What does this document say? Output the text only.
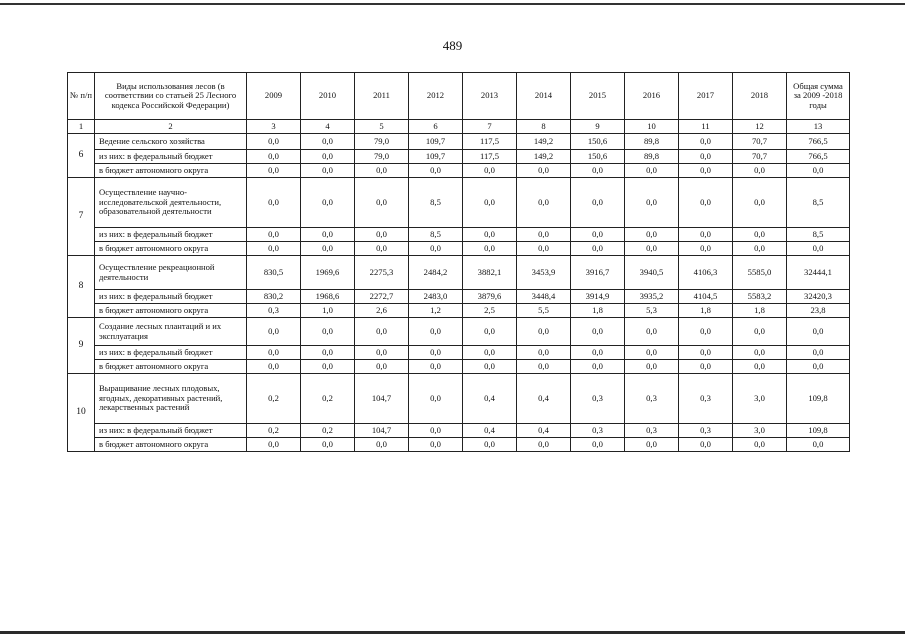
489
№ п/п	Виды использования лесов (в соответствии со статьей 25 Лесного кодекса Российской Федерации)	2009	2010	2011	2012	2013	2014	2015	2016	2017	2018	Общая сумма за 2009 -2018 годы
1	2	3	4	5	6	7	8	9	10	11	12	13
6	Ведение сельского хозяйства	0,0	0,0	79,0	109,7	117,5	149,2	150,6	89,8	0,0	70,7	766,5
	из них: в федеральный бюджет	0,0	0,0	79,0	109,7	117,5	149,2	150,6	89,8	0,0	70,7	766,5
	в бюджет автономного округа	0,0	0,0	0,0	0,0	0,0	0,0	0,0	0,0	0,0	0,0	0,0
7	Осуществление научно-исследовательской деятельности, образовательной деятельности	0,0	0,0	0,0	8,5	0,0	0,0	0,0	0,0	0,0	0,0	8,5
	из них: в федеральный бюджет	0,0	0,0	0,0	8,5	0,0	0,0	0,0	0,0	0,0	0,0	8,5
	в бюджет автономного округа	0,0	0,0	0,0	0,0	0,0	0,0	0,0	0,0	0,0	0,0	0,0
8	Осуществление рекреационной деятельности	830,5	1969,6	2275,3	2484,2	3882,1	3453,9	3916,7	3940,5	4106,3	5585,0	32444,1
	из них: в федеральный бюджет	830,2	1968,6	2272,7	2483,0	3879,6	3448,4	3914,9	3935,2	4104,5	5583,2	32420,3
	в бюджет автономного округа	0,3	1,0	2,6	1,2	2,5	5,5	1,8	5,3	1,8	1,8	23,8
9	Создание лесных плантаций и их эксплуатация	0,0	0,0	0,0	0,0	0,0	0,0	0,0	0,0	0,0	0,0	0,0
	из них: в федеральный бюджет	0,0	0,0	0,0	0,0	0,0	0,0	0,0	0,0	0,0	0,0	0,0
	в бюджет автономного округа	0,0	0,0	0,0	0,0	0,0	0,0	0,0	0,0	0,0	0,0	0,0
10	Выращивание лесных плодовых, ягодных, декоративных растений, лекарственных растений	0,2	0,2	104,7	0,0	0,4	0,4	0,3	0,3	0,3	3,0	109,8
	из них: в федеральный бюджет	0,2	0,2	104,7	0,0	0,4	0,4	0,3	0,3	0,3	3,0	109,8
	в бюджет автономного округа	0,0	0,0	0,0	0,0	0,0	0,0	0,0	0,0	0,0	0,0	0,0
